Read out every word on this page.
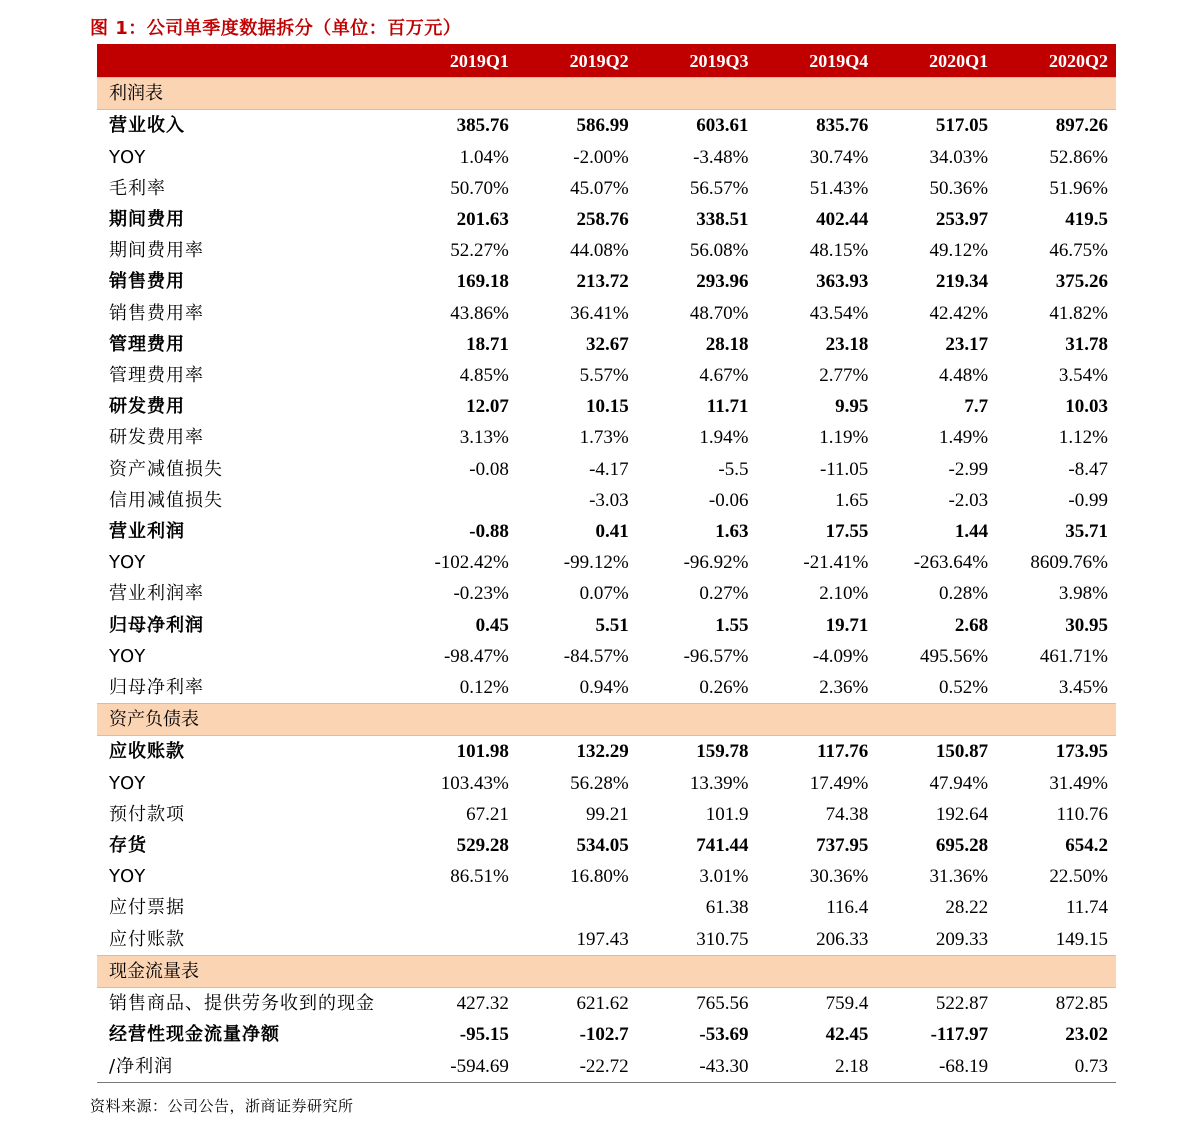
图 1：公司单季度数据拆分（单位：百万元）
	2019Q1	2019Q2	2019Q3	2019Q4	2020Q1	2020Q2
利润表						
营业收入	385.76	586.99	603.61	835.76	517.05	897.26
YOY	1.04%	-2.00%	-3.48%	30.74%	34.03%	52.86%
毛利率	50.70%	45.07%	56.57%	51.43%	50.36%	51.96%
期间费用	201.63	258.76	338.51	402.44	253.97	419.5
期间费用率	52.27%	44.08%	56.08%	48.15%	49.12%	46.75%
销售费用	169.18	213.72	293.96	363.93	219.34	375.26
销售费用率	43.86%	36.41%	48.70%	43.54%	42.42%	41.82%
管理费用	18.71	32.67	28.18	23.18	23.17	31.78
管理费用率	4.85%	5.57%	4.67%	2.77%	4.48%	3.54%
研发费用	12.07	10.15	11.71	9.95	7.7	10.03
研发费用率	3.13%	1.73%	1.94%	1.19%	1.49%	1.12%
资产减值损失	-0.08	-4.17	-5.5	-11.05	-2.99	-8.47
信用减值损失		-3.03	-0.06	1.65	-2.03	-0.99
营业利润	-0.88	0.41	1.63	17.55	1.44	35.71
YOY	-102.42%	-99.12%	-96.92%	-21.41%	-263.64%	8609.76%
营业利润率	-0.23%	0.07%	0.27%	2.10%	0.28%	3.98%
归母净利润	0.45	5.51	1.55	19.71	2.68	30.95
YOY	-98.47%	-84.57%	-96.57%	-4.09%	495.56%	461.71%
归母净利率	0.12%	0.94%	0.26%	2.36%	0.52%	3.45%
资产负债表						
应收账款	101.98	132.29	159.78	117.76	150.87	173.95
YOY	103.43%	56.28%	13.39%	17.49%	47.94%	31.49%
预付款项	67.21	99.21	101.9	74.38	192.64	110.76
存货	529.28	534.05	741.44	737.95	695.28	654.2
YOY	86.51%	16.80%	3.01%	30.36%	31.36%	22.50%
应付票据			61.38	116.4	28.22	11.74
应付账款		197.43	310.75	206.33	209.33	149.15
现金流量表						
销售商品、提供劳务收到的现金	427.32	621.62	765.56	759.4	522.87	872.85
经营性现金流量净额	-95.15	-102.7	-53.69	42.45	-117.97	23.02
/净利润	-594.69	-22.72	-43.30	2.18	-68.19	0.73
资料来源：公司公告，浙商证券研究所
